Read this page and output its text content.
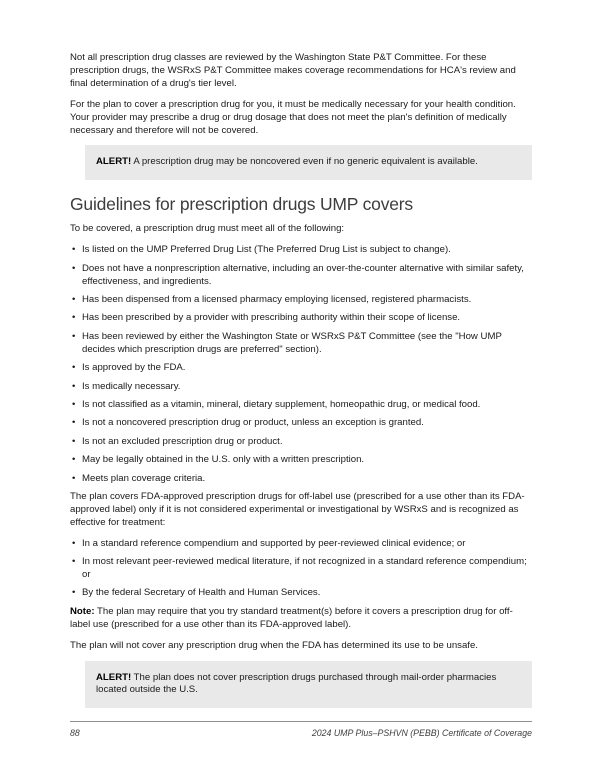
Not all prescription drug classes are reviewed by the Washington State P&T Committee. For these prescription drugs, the WSRxS P&T Committee makes coverage recommendations for HCA's review and final determination of a drug's tier level.

For the plan to cover a prescription drug for you, it must be medically necessary for your health condition. Your provider may prescribe a drug or drug dosage that does not meet the plan's definition of medically necessary and therefore will not be covered.

ALERT! A prescription drug may be noncovered even if no generic equivalent is available.

Guidelines for prescription drugs UMP covers

To be covered, a prescription drug must meet all of the following:

• Is listed on the UMP Preferred Drug List (The Preferred Drug List is subject to change).
• Does not have a nonprescription alternative, including an over-the-counter alternative with similar safety, effectiveness, and ingredients.
• Has been dispensed from a licensed pharmacy employing licensed, registered pharmacists.
• Has been prescribed by a provider with prescribing authority within their scope of license.
• Has been reviewed by either the Washington State or WSRxS P&T Committee (see the "How UMP decides which prescription drugs are preferred" section).
• Is approved by the FDA.
• Is medically necessary.
• Is not classified as a vitamin, mineral, dietary supplement, homeopathic drug, or medical food.
• Is not a noncovered prescription drug or product, unless an exception is granted.
• Is not an excluded prescription drug or product.
• May be legally obtained in the U.S. only with a written prescription.
• Meets plan coverage criteria.

The plan covers FDA-approved prescription drugs for off-label use (prescribed for a use other than its FDA-approved label) only if it is not considered experimental or investigational by WSRxS and is recognized as effective for treatment:

• In a standard reference compendium and supported by peer-reviewed clinical evidence; or
• In most relevant peer-reviewed medical literature, if not recognized in a standard reference compendium; or
• By the federal Secretary of Health and Human Services.

Note: The plan may require that you try standard treatment(s) before it covers a prescription drug for off-label use (prescribed for a use other than its FDA-approved label).

The plan will not cover any prescription drug when the FDA has determined its use to be unsafe.

ALERT! The plan does not cover prescription drugs purchased through mail-order pharmacies located outside the U.S.

88	2024 UMP Plus–PSHVN (PEBB) Certificate of Coverage
